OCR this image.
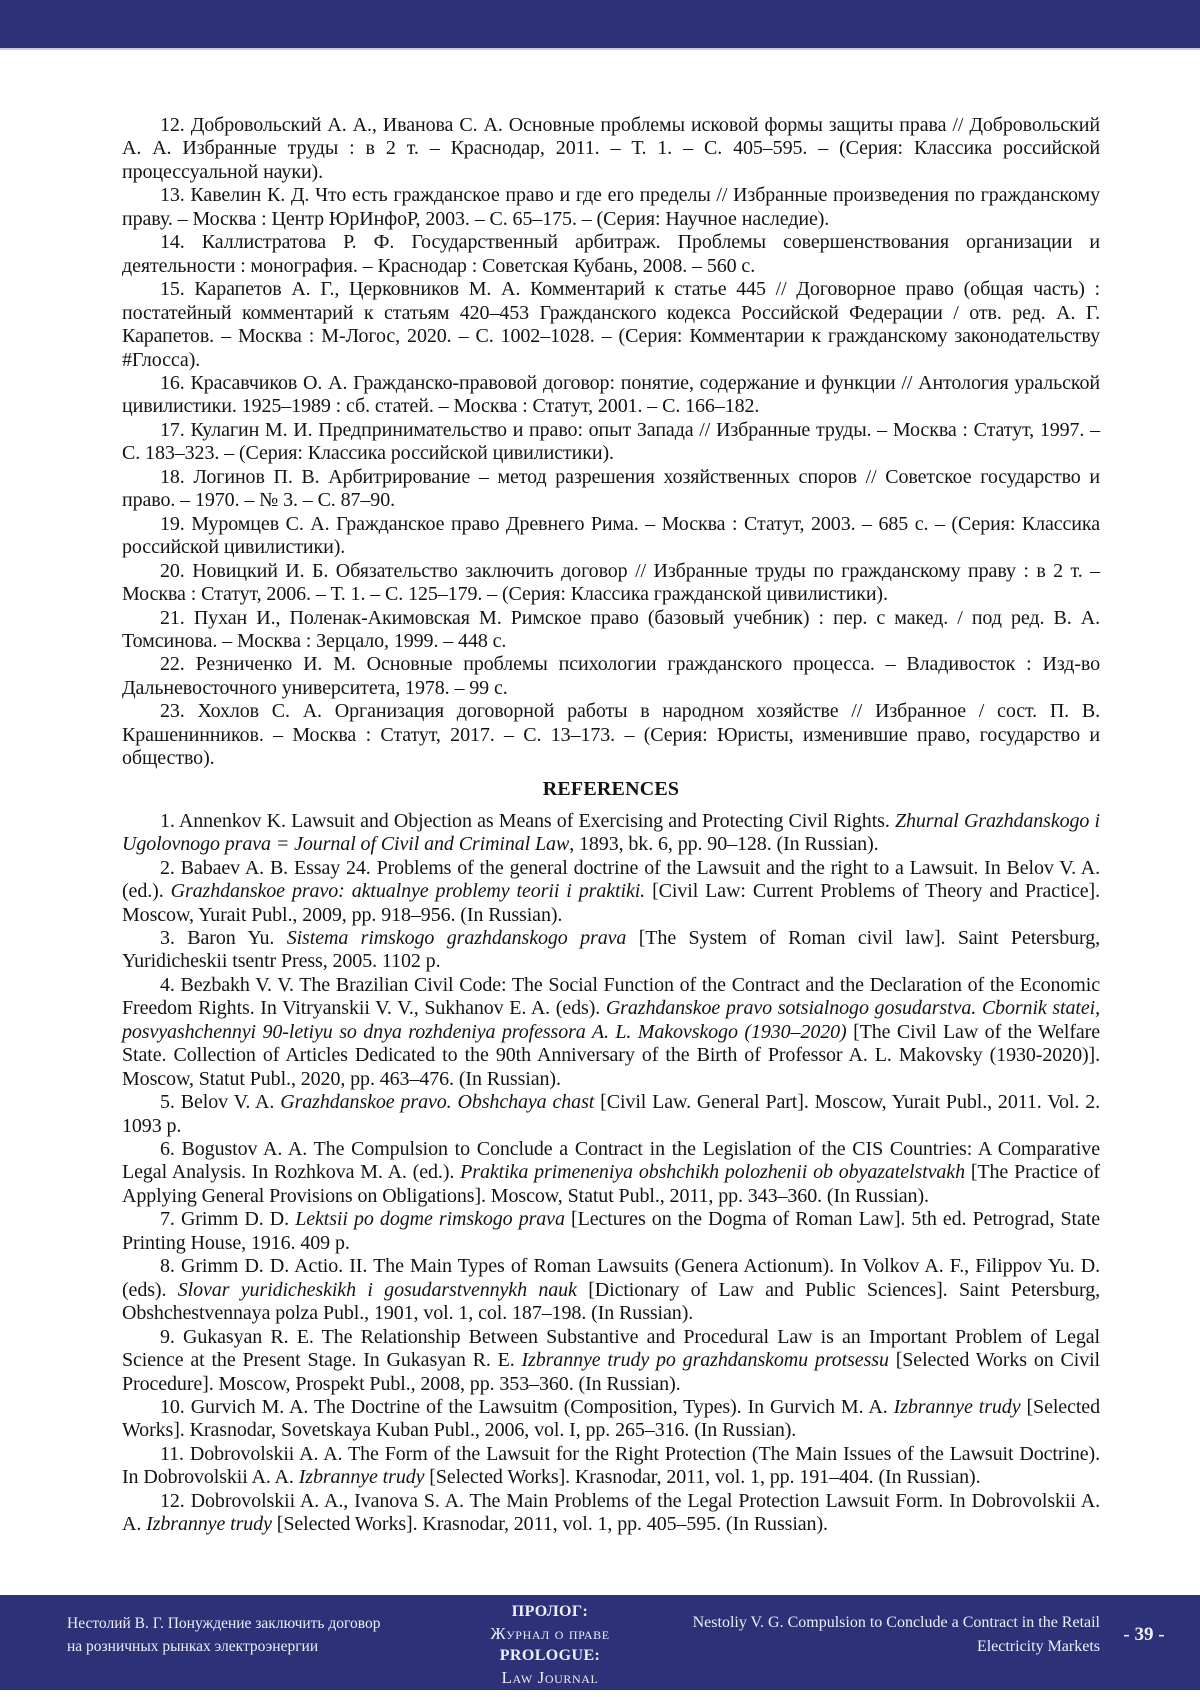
12. Добровольский А. А., Иванова С. А. Основные проблемы исковой формы защиты права // Добровольский А. А. Избранные труды : в 2 т. – Краснодар, 2011. – Т. 1. – С. 405–595. – (Серия: Классика российской процессуальной науки).

13. Кавелин К. Д. Что есть гражданское право и где его пределы // Избранные произведения по гражданскому праву. – Москва : Центр ЮрИнфоР, 2003. – С. 65–175. – (Серия: Научное наследие).

14. Каллистратова Р. Ф. Государственный арбитраж. Проблемы совершенствования организации и деятельности : монография. – Краснодар : Советская Кубань, 2008. – 560 с.

15. Карапетов А. Г., Церковников М. А. Комментарий к статье 445 // Договорное право (общая часть) : постатейный комментарий к статьям 420–453 Гражданского кодекса Российской Федерации / отв. ред. А. Г. Карапетов. – Москва : М-Логос, 2020. – С. 1002–1028. – (Серия: Комментарии к гражданскому законодательству #Глосса).

16. Красавчиков О. А. Гражданско-правовой договор: понятие, содержание и функции // Антология уральской цивилистики. 1925–1989 : сб. статей. – Москва : Статут, 2001. – С. 166–182.

17. Кулагин М. И. Предпринимательство и право: опыт Запада // Избранные труды. – Москва : Статут, 1997. – С. 183–323. – (Серия: Классика российской цивилистики).

18. Логинов П. В. Арбитрирование – метод разрешения хозяйственных споров // Советское государство и право. – 1970. – № 3. – С. 87–90.

19. Муромцев С. А. Гражданское право Древнего Рима. – Москва : Статут, 2003. – 685 с. – (Серия: Классика российской цивилистики).

20. Новицкий И. Б. Обязательство заключить договор // Избранные труды по гражданскому праву : в 2 т. – Москва : Статут, 2006. – Т. 1. – С. 125–179. – (Серия: Классика гражданской цивилистики).

21. Пухан И., Поленак-Акимовская М. Римское право (базовый учебник) : пер. с макед. / под ред. В. А. Томсинова. – Москва : Зерцало, 1999. – 448 с.

22. Резниченко И. М. Основные проблемы психологии гражданского процесса. – Владивосток : Изд-во Дальневосточного университета, 1978. – 99 с.

23. Хохлов С. А. Организация договорной работы в народном хозяйстве // Избранное / сост. П. В. Крашенинников. – Москва : Статут, 2017. – С. 13–173. – (Серия: Юристы, изменившие право, государство и общество).

REFERENCES

1. Annenkov K. Lawsuit and Objection as Means of Exercising and Protecting Civil Rights. Zhurnal Grazhdanskogo i Ugolovnogo prava = Journal of Civil and Criminal Law, 1893, bk. 6, pp. 90–128. (In Russian).

2. Babaev A. B. Essay 24. Problems of the general doctrine of the Lawsuit and the right to a Lawsuit. In Belov V. A. (ed.). Grazhdanskoe pravo: aktualnye problemy teorii i praktiki. [Civil Law: Current Problems of Theory and Practice]. Moscow, Yurait Publ., 2009, pp. 918–956. (In Russian).

3. Baron Yu. Sistema rimskogo grazhdanskogo prava [The System of Roman civil law]. Saint Petersburg, Yuridicheskii tsentr Press, 2005. 1102 p.

4. Bezbakh V. V. The Brazilian Civil Code: The Social Function of the Contract and the Declaration of the Economic Freedom Rights. In Vitryanskii V. V., Sukhanov E. A. (eds). Grazhdanskoe pravo sotsialnogo gosudarstva. Cbornik statei, posvyashchennyi 90-letiyu so dnya rozhdeniya professora A. L. Makovskogo (1930–2020) [The Civil Law of the Welfare State. Collection of Articles Dedicated to the 90th Anniversary of the Birth of Professor A. L. Makovsky (1930-2020)]. Moscow, Statut Publ., 2020, pp. 463–476. (In Russian).

5. Belov V. A. Grazhdanskoe pravo. Obshchaya chast [Civil Law. General Part]. Moscow, Yurait Publ., 2011. Vol. 2. 1093 p.

6. Bogustov A. A. The Compulsion to Conclude a Contract in the Legislation of the CIS Countries: A Comparative Legal Analysis. In Rozhkova M. A. (ed.). Praktika primeneniya obshchikh polozhenii ob obyazatelstvakh [The Practice of Applying General Provisions on Obligations]. Moscow, Statut Publ., 2011, pp. 343–360. (In Russian).

7. Grimm D. D. Lektsii po dogme rimskogo prava [Lectures on the Dogma of Roman Law]. 5th ed. Petrograd, State Printing House, 1916. 409 p.

8. Grimm D. D. Actio. II. The Main Types of Roman Lawsuits (Genera Actionum). In Volkov A. F., Filippov Yu. D. (eds). Slovar yuridicheskikh i gosudarstvennykh nauk [Dictionary of Law and Public Sciences]. Saint Petersburg, Obshchestvennaya polza Publ., 1901, vol. 1, col. 187–198. (In Russian).

9. Gukasyan R. E. The Relationship Between Substantive and Procedural Law is an Important Problem of Legal Science at the Present Stage. In Gukasyan R. E. Izbrannye trudy po grazhdanskomu protsessu [Selected Works on Civil Procedure]. Moscow, Prospekt Publ., 2008, pp. 353–360. (In Russian).

10. Gurvich M. A. The Doctrine of the Lawsuitm (Composition, Types). In Gurvich M. A. Izbrannye trudy [Selected Works]. Krasnodar, Sovetskaya Kuban Publ., 2006, vol. I, pp. 265–316. (In Russian).

11. Dobrovolskii A. A. The Form of the Lawsuit for the Right Protection (The Main Issues of the Lawsuit Doctrine). In Dobrovolskii A. A. Izbrannye trudy [Selected Works]. Krasnodar, 2011, vol. 1, pp. 191–404. (In Russian).

12. Dobrovolskii A. A., Ivanova S. A. The Main Problems of the Legal Protection Lawsuit Form. In Dobrovolskii A. A. Izbrannye trudy [Selected Works]. Krasnodar, 2011, vol. 1, pp. 405–595. (In Russian).

Нестолий В. Г. Понуждение заключить договор на розничных рынках электроэнергии
ПРОЛОГ:
Журнал о праве
PROLOGUE:
Law Journal
Nestoliy V. G. Compulsion to Conclude a Contract in the Retail Electricity Markets
- 39 -
